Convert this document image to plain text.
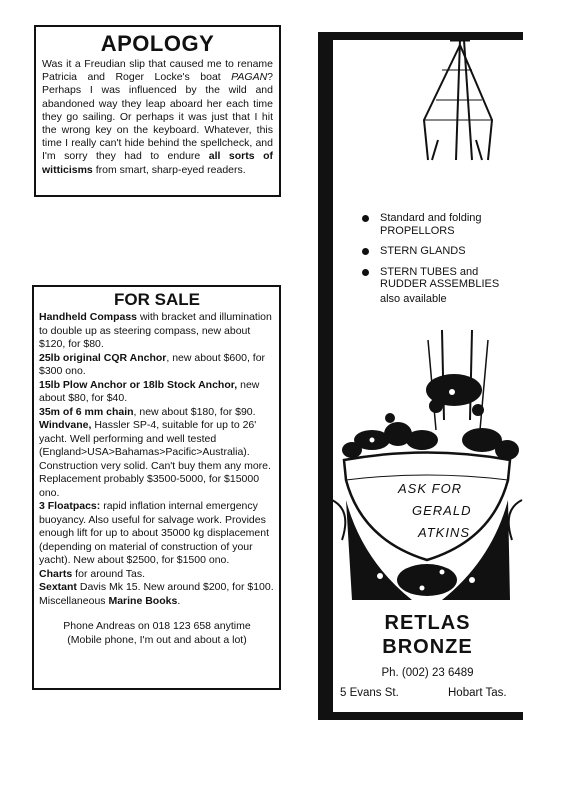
APOLOGY

Was it a Freudian slip that caused me to rename Patricia and Roger Locke's boat PAGAN? Perhaps I was influenced by the wild and abandoned way they leap aboard her each time they go sailing. Or perhaps it was just that I hit the wrong key on the keyboard. Whatever, this time I really can't hide behind the spellcheck, and I'm sorry they had to endure all sorts of witticisms from smart, sharp-eyed readers.

FOR SALE

Handheld Compass with bracket and illumination to double up as steering compass, new about $120, for $80.

25lb original CQR Anchor, new about $600, for $300 ono.

15lb Plow Anchor or 18lb Stock Anchor, new about $80, for $40.

35m of 6 mm chain, new about $180, for $90.

Windvane, Hassler SP-4, suitable for up to 26' yacht. Well performing and well tested (England>USA>Bahamas>Pacific>Australia). Construction very solid. Can't buy them any more. Replacement probably $3500-5000, for $15000 ono.

3 Floatpacs: rapid inflation internal emergency buoyancy. Also useful for salvage work. Provides enough lift for up to about 35000 kg displacement (depending on material of construction of your yacht). New about $2500, for $1500 ono.

Charts for around Tas.

Sextant Davis Mk 15. New around $200, for $100.

Miscellaneous Marine Books.

Phone Andreas on 018 123 658 anytime
(Mobile phone, I'm out and about a lot)
Standard and folding PROPELLORS
STERN GLANDS
STERN TUBES and RUDDER ASSEMBLIES
also available
ASK FOR
GERALD
ATKINS
RETLAS
BRONZE
Ph. (002) 23 6489
5 Evans St.	Hobart Tas.
